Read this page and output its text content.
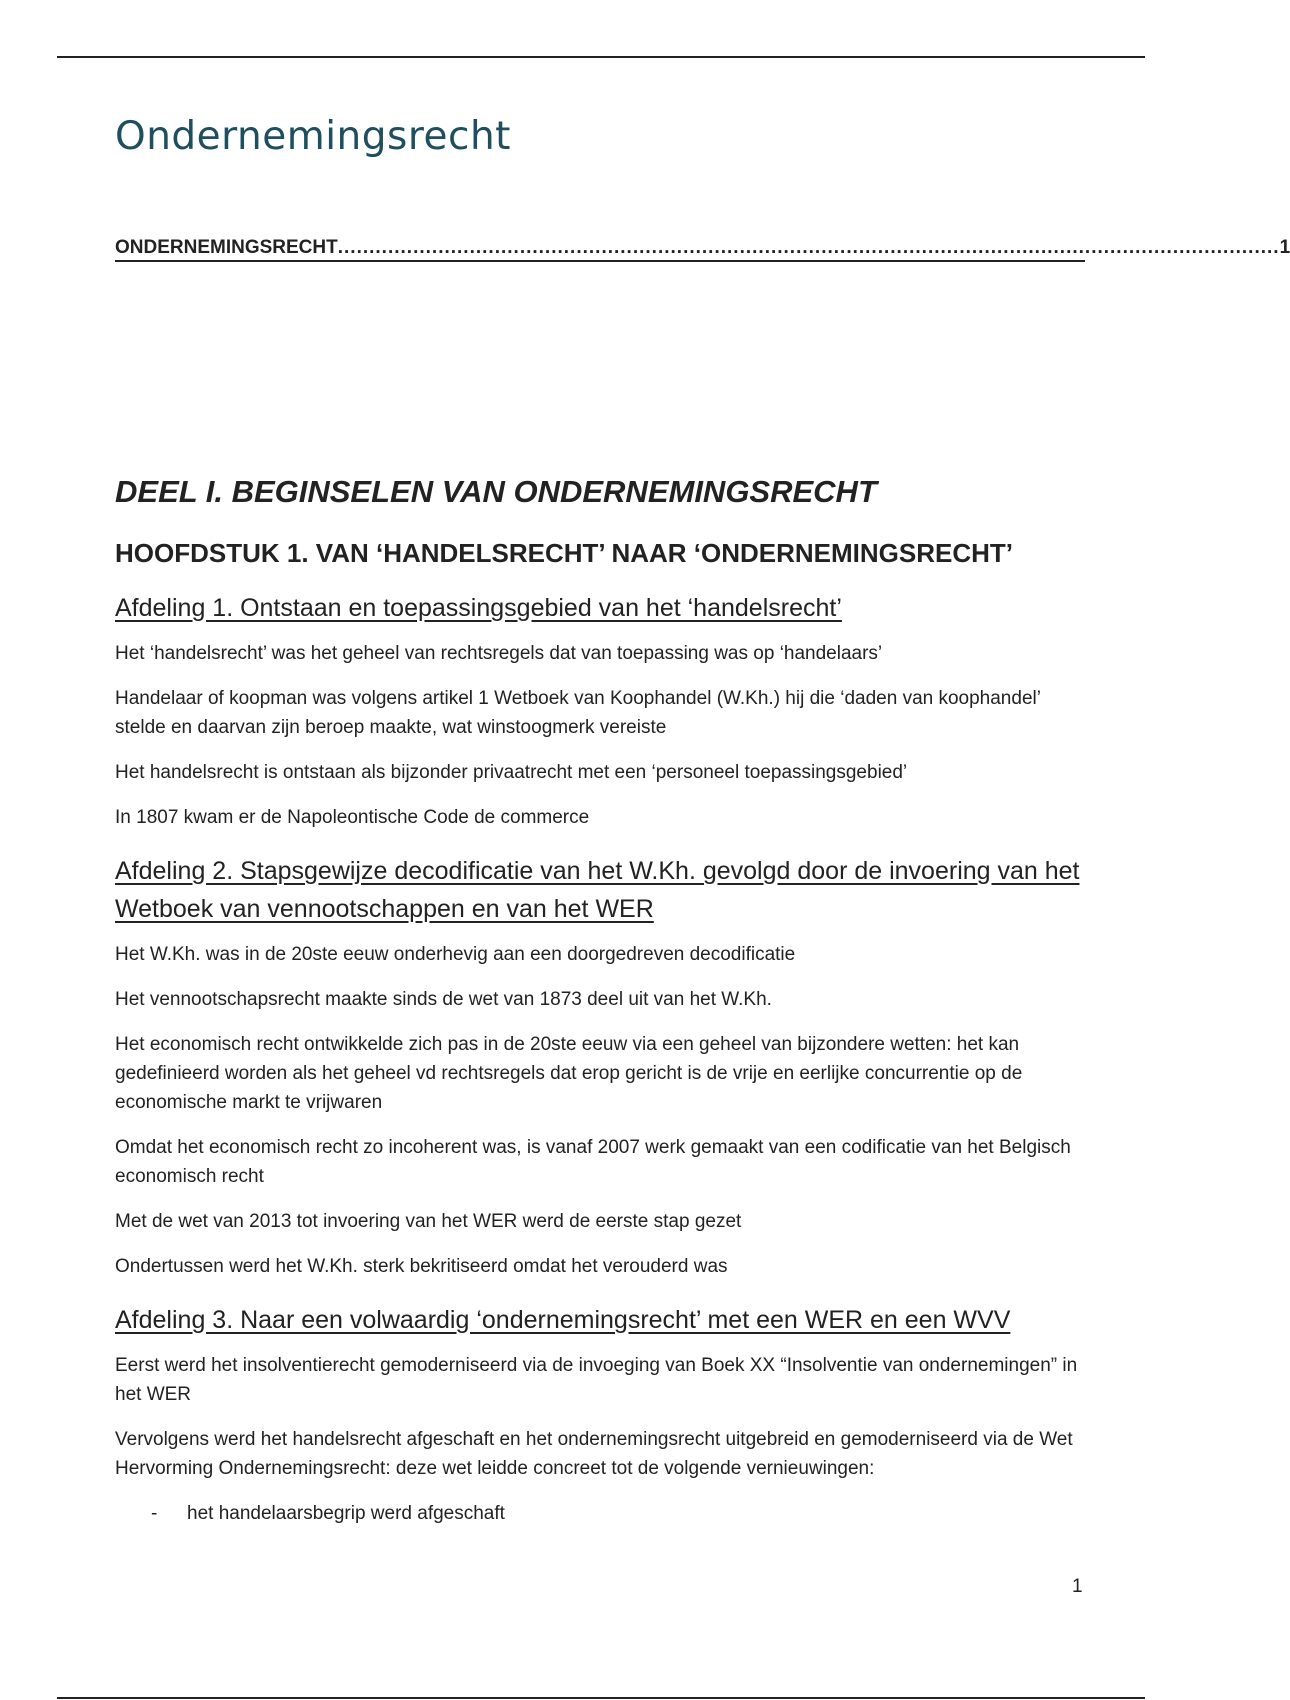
Ondernemingsrecht
ONDERNEMINGSRECHT ...................................................................................................................................................... 1
DEEL I. BEGINSELEN VAN ONDERNEMINGSRECHT
HOOFDSTUK 1. VAN ‘HANDELSRECHT’ NAAR ‘ONDERNEMINGSRECHT’
Afdeling 1. Ontstaan en toepassingsgebied van het ‘handelsrecht’

Het ‘handelsrecht’ was het geheel van rechtsregels dat van toepassing was op ‘handelaars’

Handelaar of koopman was volgens artikel 1 Wetboek van Koophandel (W.Kh.) hij die ‘daden van koophandel’ stelde en daarvan zijn beroep maakte, wat winstoogmerk vereiste

Het handelsrecht is ontstaan als bijzonder privaatrecht met een ‘personeel toepassingsgebied’

In 1807 kwam er de Napoleontische Code de commerce

Afdeling 2. Stapsgewijze decodificatie van het W.Kh. gevolgd door de invoering van het Wetboek van vennootschappen en van het WER

Het W.Kh. was in de 20ste eeuw onderhevig aan een doorgedreven decodificatie

Het vennootschapsrecht maakte sinds de wet van 1873 deel uit van het W.Kh.

Het economisch recht ontwikkelde zich pas in de 20ste eeuw via een geheel van bijzondere wetten: het kan gedefinieerd worden als het geheel vd rechtsregels dat erop gericht is de vrije en eerlijke concurrentie op de economische markt te vrijwaren

Omdat het economisch recht zo incoherent was, is vanaf 2007 werk gemaakt van een codificatie van het Belgisch economisch recht

Met de wet van 2013 tot invoering van het WER werd de eerste stap gezet

Ondertussen werd het W.Kh. sterk bekritiseerd omdat het verouderd was

Afdeling 3. Naar een volwaardig ‘ondernemingsrecht’ met een WER en een WVV

Eerst werd het insolventierecht gemoderniseerd via de invoeging van Boek XX “Insolventie van ondernemingen” in het WER

Vervolgens werd het handelsrecht afgeschaft en het ondernemingsrecht uitgebreid en gemoderniseerd via de Wet Hervorming Ondernemingsrecht: deze wet leidde concreet tot de volgende vernieuwingen:

-	het handelaarsbegrip werd afgeschaft
1
